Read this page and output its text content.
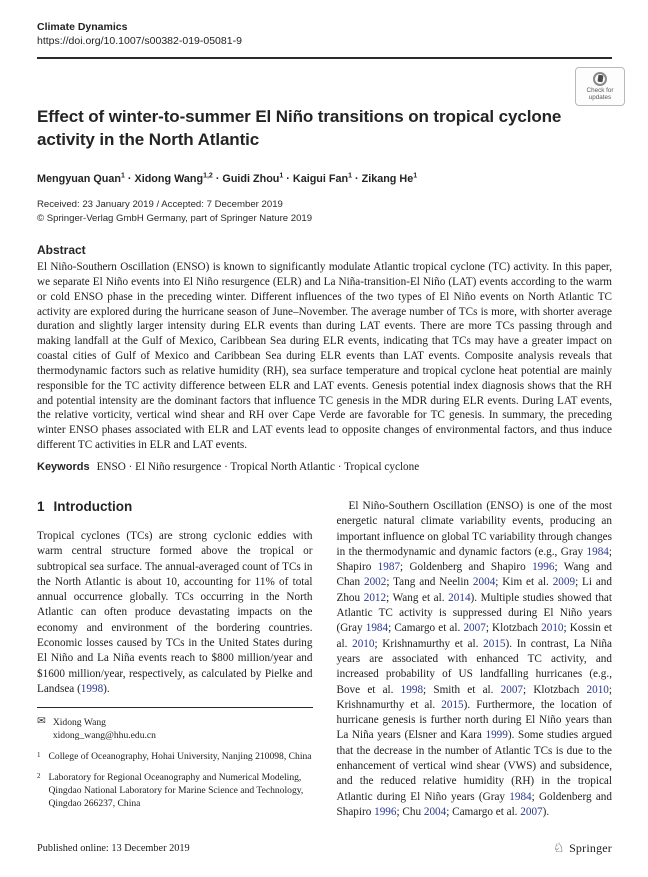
Climate Dynamics
https://doi.org/10.1007/s00382-019-05081-9
Check for
updates
Effect of winter-to-summer El Niño transitions on tropical cyclone activity in the North Atlantic
Mengyuan Quan$^1$ · Xidong Wang$^{1,2}$ · Guidi Zhou$^1$ · Kaigui Fan$^1$ · Zikang He$^1$
Received: 23 January 2019 / Accepted: 7 December 2019
© Springer-Verlag GmbH Germany, part of Springer Nature 2019
Abstract
El Niño-Southern Oscillation (ENSO) is known to significantly modulate Atlantic tropical cyclone (TC) activity. In this paper, we separate El Niño events into El Niño resurgence (ELR) and La Niña-transition-El Niño (LAT) events according to the warm or cold ENSO phase in the preceding winter. Different influences of the two types of El Niño events on North Atlantic TC activity are explored during the hurricane season of June–November. The average number of TCs is more, with shorter average duration and slightly larger intensity during ELR events than during LAT events. There are more TCs passing through and making landfall at the Gulf of Mexico, Caribbean Sea during ELR events, indicating that TCs may have a greater impact on coastal cities of Gulf of Mexico and Caribbean Sea during ELR events than LAT events. Composite analysis reveals that thermodynamic factors such as relative humidity (RH), sea surface temperature and tropical cyclone heat potential are mainly responsible for the TC activity difference between ELR and LAT events. Genesis potential index diagnosis shows that the RH and potential intensity are the dominant factors that influence TC genesis in the MDR during ELR events. During LAT events, the relative vorticity, vertical wind shear and RH over Cape Verde are favorable for TC genesis. In summary, the preceding winter ENSO phases associated with ELR and LAT events lead to opposite changes of environmental factors, and thus induce different TC activities in ELR and LAT events.
Keywords ENSO · El Niño resurgence · Tropical North Atlantic · Tropical cyclone
1 Introduction

Tropical cyclones (TCs) are strong cyclonic eddies with warm central structure formed above the tropical or subtropical sea surface. The annual-averaged count of TCs in the North Atlantic is about 10, accounting for 11% of total annual occurrence globally. TCs occurring in the North Atlantic can often produce devastating impacts on the economy and environment of the bordering countries. Economic losses caused by TCs in the United States during El Niño and La Niña events reach to $800 million/year and $1600 million/year, respectively, as calculated by Pielke and Landsea (1998).

El Niño-Southern Oscillation (ENSO) is one of the most energetic natural climate variability events, producing an important influence on global TC variability through changes in the thermodynamic and dynamic factors (e.g., Gray 1984; Shapiro 1987; Goldenberg and Shapiro 1996; Wang and Chan 2002; Tang and Neelin 2004; Kim et al. 2009; Li and Zhou 2012; Wang et al. 2014). Multiple studies showed that Atlantic TC activity is suppressed during El Niño years (Gray 1984; Camargo et al. 2007; Klotzbach 2010; Kossin et al. 2010; Krishnamurthy et al. 2015). In contrast, La Niña years are associated with enhanced TC activity, and increased probability of US landfalling hurricanes (e.g., Bove et al. 1998; Smith et al. 2007; Klotzbach 2010; Krishnamurthy et al. 2015). Furthermore, the location of hurricane genesis is further north during El Niño years than La Niña years (Elsner and Kara 1999). Some studies argued that the decrease in the number of Atlantic TCs is due to the enhancement of vertical wind shear (VWS) and subsidence, and the reduced relative humidity (RH) in the tropical Atlantic during El Niño years (Gray 1984; Goldenberg and Shapiro 1996; Chu 2004; Camargo et al. 2007).

✉ Xidong Wang
xidong_wang@hhu.edu.cn
1 College of Oceanography, Hohai University, Nanjing 210098, China
2 Laboratory for Regional Oceanography and Numerical Modeling, Qingdao National Laboratory for Marine Science and Technology, Qingdao 266237, China
Published online: 13 December 2019	♘ Springer
